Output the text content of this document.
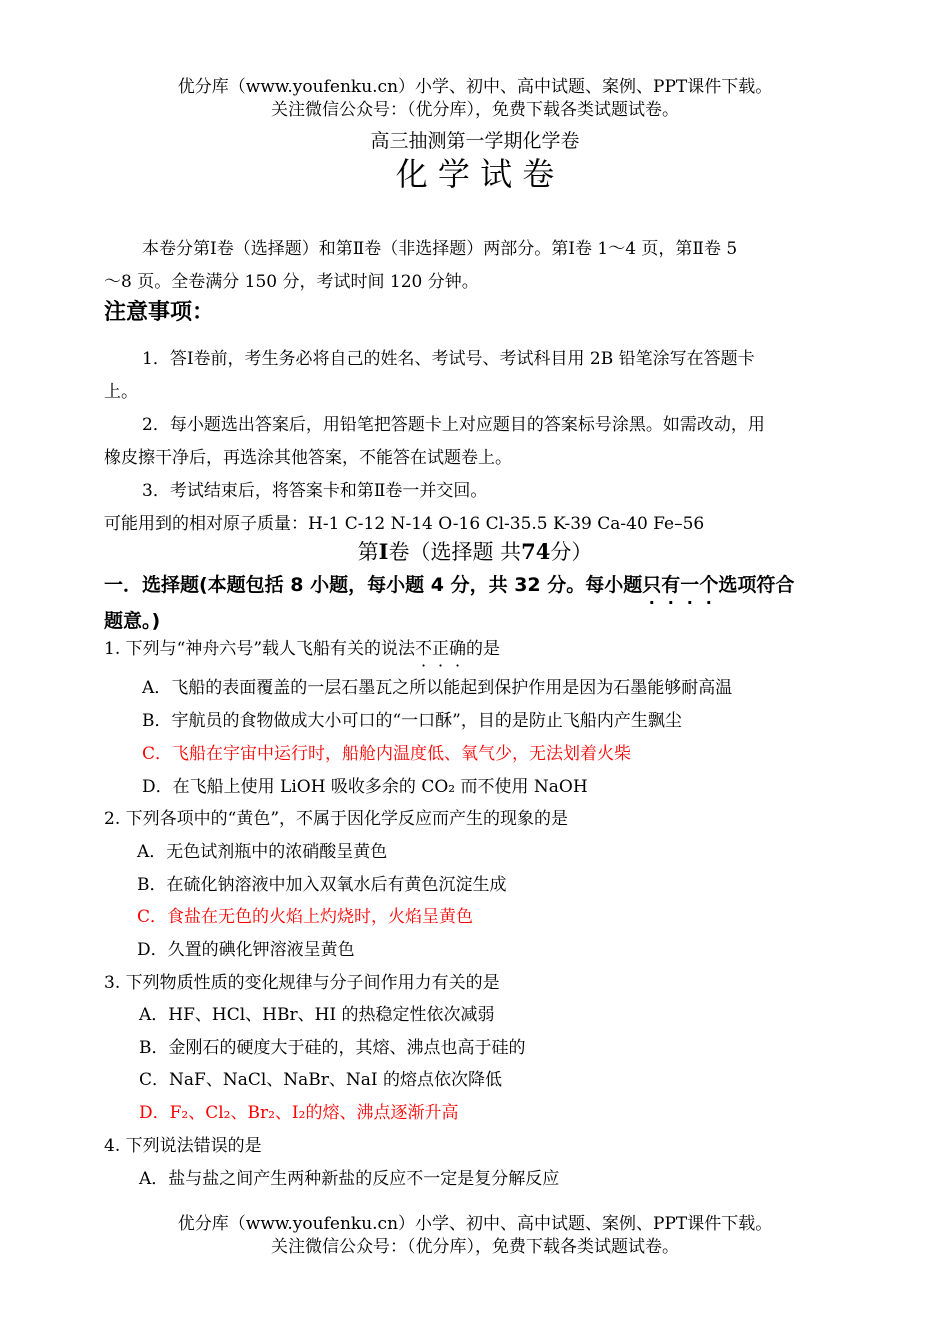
优分库（www.youfenku.cn）小学、初中、高中试题、案例、PPT课件下载。
关注微信公众号：（优分库），免费下载各类试题试卷。
高三抽测第一学期化学卷
化 学 试 卷
本卷分第Ⅰ卷（选择题）和第Ⅱ卷（非选择题）两部分。第Ⅰ卷 1～4 页，第Ⅱ卷 5
～8 页。全卷满分 150 分，考试时间 120 分钟。
注意事项：
1．答Ⅰ卷前，考生务必将自己的姓名、考试号、考试科目用 2B 铅笔涂写在答题卡
上。
2．每小题选出答案后，用铅笔把答题卡上对应题目的答案标号涂黑。如需改动，用
橡皮擦干净后，再选涂其他答案，不能答在试题卷上。
3．考试结束后，将答案卡和第Ⅱ卷一并交回。
可能用到的相对原子质量：H-1 C-12 N-14 O-16 Cl-35.5 K-39 Ca-40 Fe–56
第I卷（选择题 共74分）
一．选择题(本题包括 8 小题，每小题 4 分，共 32 分。每小题只有一个选项符合
题意。)
1. 下列与“神舟六号”载人飞船有关的说法不正确的是
A．飞船的表面覆盖的一层石墨瓦之所以能起到保护作用是因为石墨能够耐高温
B．宇航员的食物做成大小可口的“一口酥”，目的是防止飞船内产生飘尘
C．飞船在宇宙中运行时，船舱内温度低、氧气少，无法划着火柴
D．在飞船上使用 LiOH 吸收多余的 CO₂ 而不使用 NaOH
2. 下列各项中的“黄色”，不属于因化学反应而产生的现象的是
A．无色试剂瓶中的浓硝酸呈黄色
B．在硫化钠溶液中加入双氧水后有黄色沉淀生成
C．食盐在无色的火焰上灼烧时，火焰呈黄色
D．久置的碘化钾溶液呈黄色
3. 下列物质性质的变化规律与分子间作用力有关的是
A．HF、HCl、HBr、HI 的热稳定性依次减弱
B．金刚石的硬度大于硅的，其熔、沸点也高于硅的
C．NaF、NaCl、NaBr、NaI 的熔点依次降低
D．F₂、Cl₂、Br₂、I₂的熔、沸点逐渐升高
4. 下列说法错误的是
A．盐与盐之间产生两种新盐的反应不一定是复分解反应
优分库（www.youfenku.cn）小学、初中、高中试题、案例、PPT课件下载。
关注微信公众号：（优分库），免费下载各类试题试卷。
